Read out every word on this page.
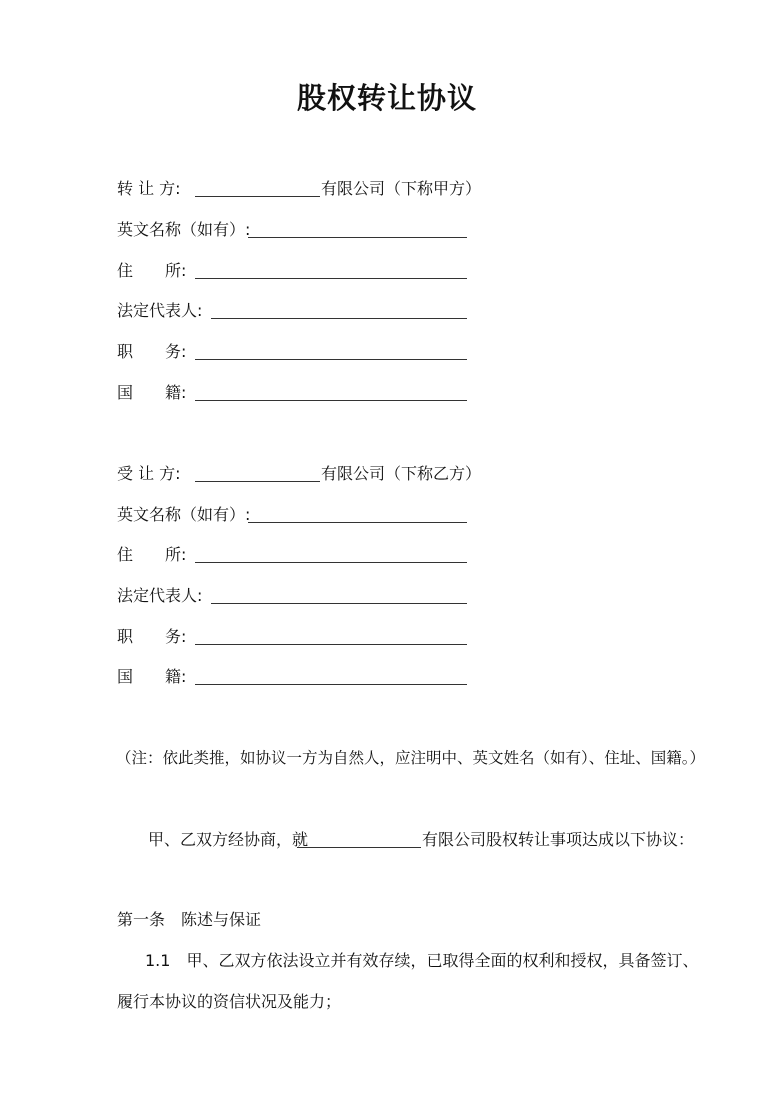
股权转让协议
转 让 方:	有限公司（下称甲方）
英文名称（如有）:
住　　所:
法定代表人:
职　　务:
国　　籍:
受 让 方:	有限公司（下称乙方）
英文名称（如有）:
住　　所:
法定代表人:
职　　务:
国　　籍:
（注：依此类推，如协议一方为自然人，应注明中、英文姓名（如有）、住址、国籍。）
甲、乙双方经协商，就	有限公司股权转让事项达成以下协议：
第一条　陈述与保证
1.1　甲、乙双方依法设立并有效存续，已取得全面的权利和授权，具备签订、
履行本协议的资信状况及能力；
